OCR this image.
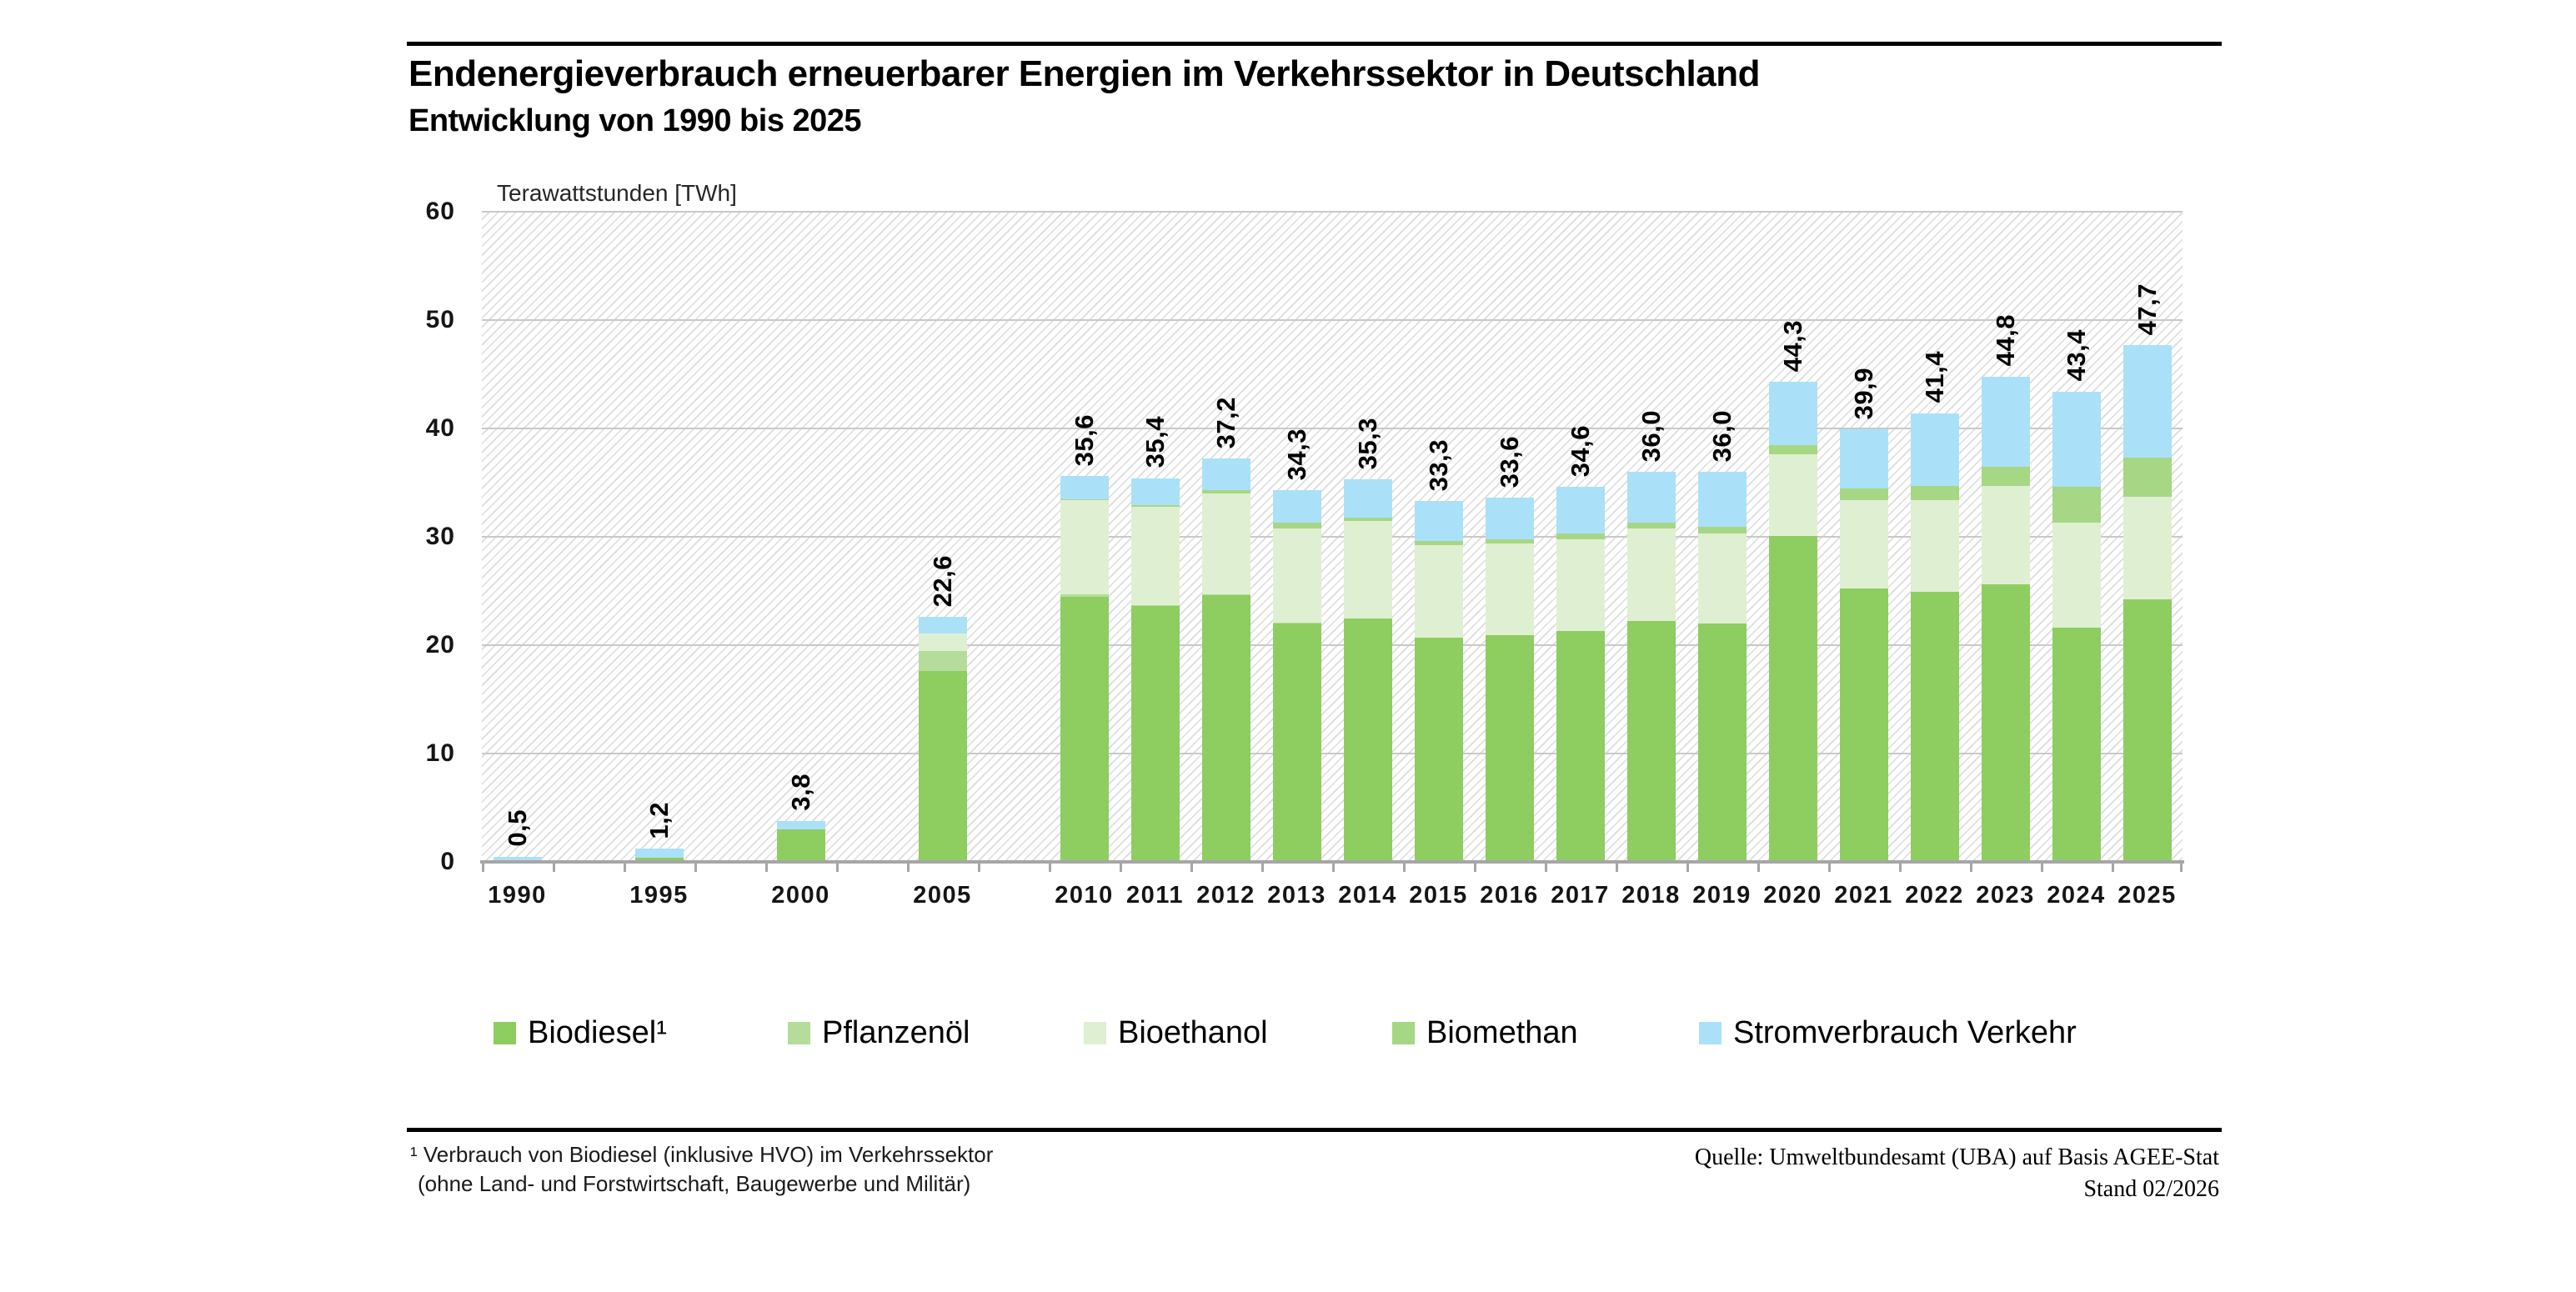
Endenergieverbrauch erneuerbarer Energien im Verkehrssektor in Deutschland
Entwicklung von 1990 bis 2025
Terawattstunden [TWh]
0
10
20
30
40
50
60
0,5
1990
1,2
1995
3,8
2000
22,6
2005
35,6
2010
35,4
2011
37,2
2012
34,3
2013
35,3
2014
33,3
2015
33,6
2016
34,6
2017
36,0
2018
36,0
2019
44,3
2020
39,9
2021
41,4
2022
44,8
2023
43,4
2024
47,7
2025
Biodiesel¹	Pflanzenöl	Bioethanol	Biomethan	Stromverbrauch Verkehr
¹ Verbrauch von Biodiesel (inklusive HVO) im Verkehrssektor
(ohne Land- und Forstwirtschaft, Baugewerbe und Militär)
Quelle: Umweltbundesamt (UBA) auf Basis AGEE-Stat
Stand 02/2026
